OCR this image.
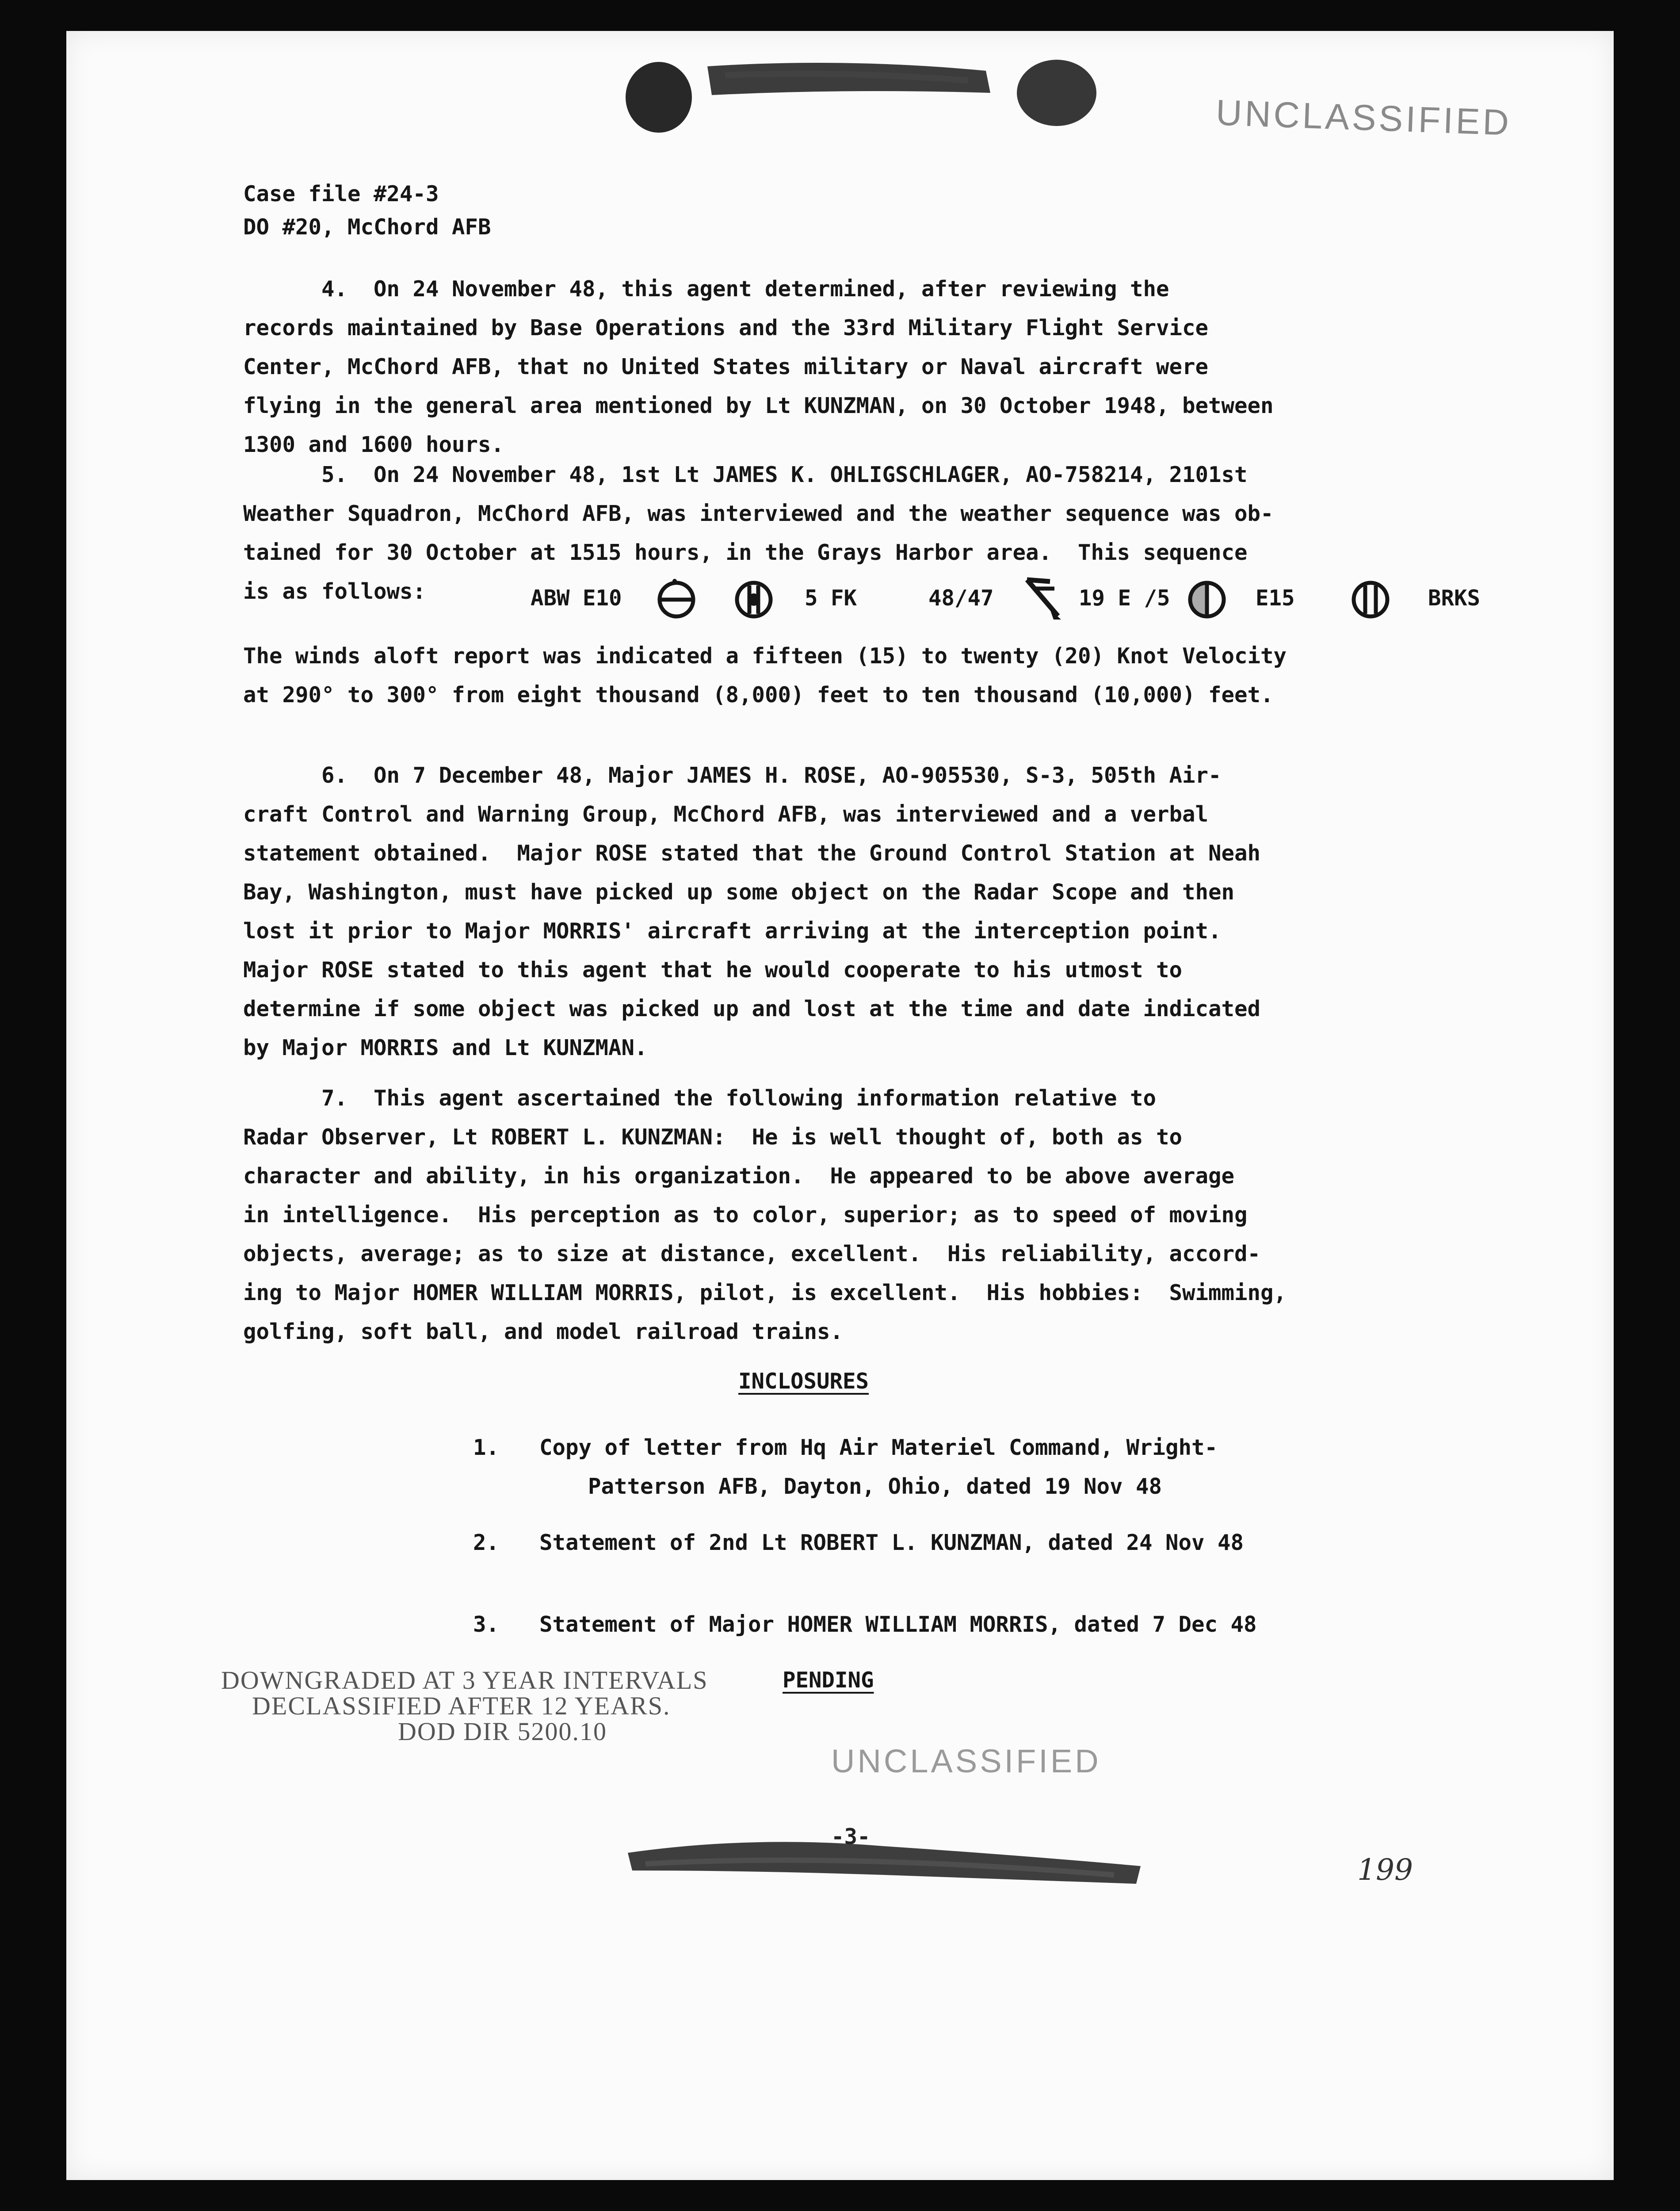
UNCLASSIFIED

Case file #24-3

DO #20, McChord AFB

4.  On 24 November 48, this agent determined, after reviewing the

records maintained by Base Operations and the 33rd Military Flight Service

Center, McChord AFB, that no United States military or Naval aircraft were

flying in the general area mentioned by Lt KUNZMAN, on 30 October 1948, between

1300 and 1600 hours.

5.  On 24 November 48, 1st Lt JAMES K. OHLIGSCHLAGER, AO-758214, 2101st

Weather Squadron, McChord AFB, was interviewed and the weather sequence was ob-

tained for 30 October at 1515 hours, in the Grays Harbor area.  This sequence

is as follows:	ABW E10	5 FK	48/47	19 E /5	E15	BRKS

The winds aloft report was indicated a fifteen (15) to twenty (20) Knot Velocity

at 290° to 300° from eight thousand (8,000) feet to ten thousand (10,000) feet.

6.  On 7 December 48, Major JAMES H. ROSE, AO-905530, S-3, 505th Air-

craft Control and Warning Group, McChord AFB, was interviewed and a verbal

statement obtained.  Major ROSE stated that the Ground Control Station at Neah

Bay, Washington, must have picked up some object on the Radar Scope and then

lost it prior to Major MORRIS' aircraft arriving at the interception point.

Major ROSE stated to this agent that he would cooperate to his utmost to

determine if some object was picked up and lost at the time and date indicated

by Major MORRIS and Lt KUNZMAN.

7.  This agent ascertained the following information relative to

Radar Observer, Lt ROBERT L. KUNZMAN:  He is well thought of, both as to

character and ability, in his organization.  He appeared to be above average

in intelligence.  His perception as to color, superior; as to speed of moving

objects, average; as to size at distance, excellent.  His reliability, accord-

ing to Major HOMER WILLIAM MORRIS, pilot, is excellent.  His hobbies:  Swimming,

golfing, soft ball, and model railroad trains.

INCLOSURES

1. Copy of letter from Hq Air Materiel Command, Wright-

Patterson AFB, Dayton, Ohio, dated 19 Nov 48

2. Statement of 2nd Lt ROBERT L. KUNZMAN, dated 24 Nov 48

3. Statement of Major HOMER WILLIAM MORRIS, dated 7 Dec 48

DOWNGRADED AT 3 YEAR INTERVALS	PENDING
DECLASSIFIED AFTER 12 YEARS.
DOD DIR 5200.10
UNCLASSIFIED

-3-

199
